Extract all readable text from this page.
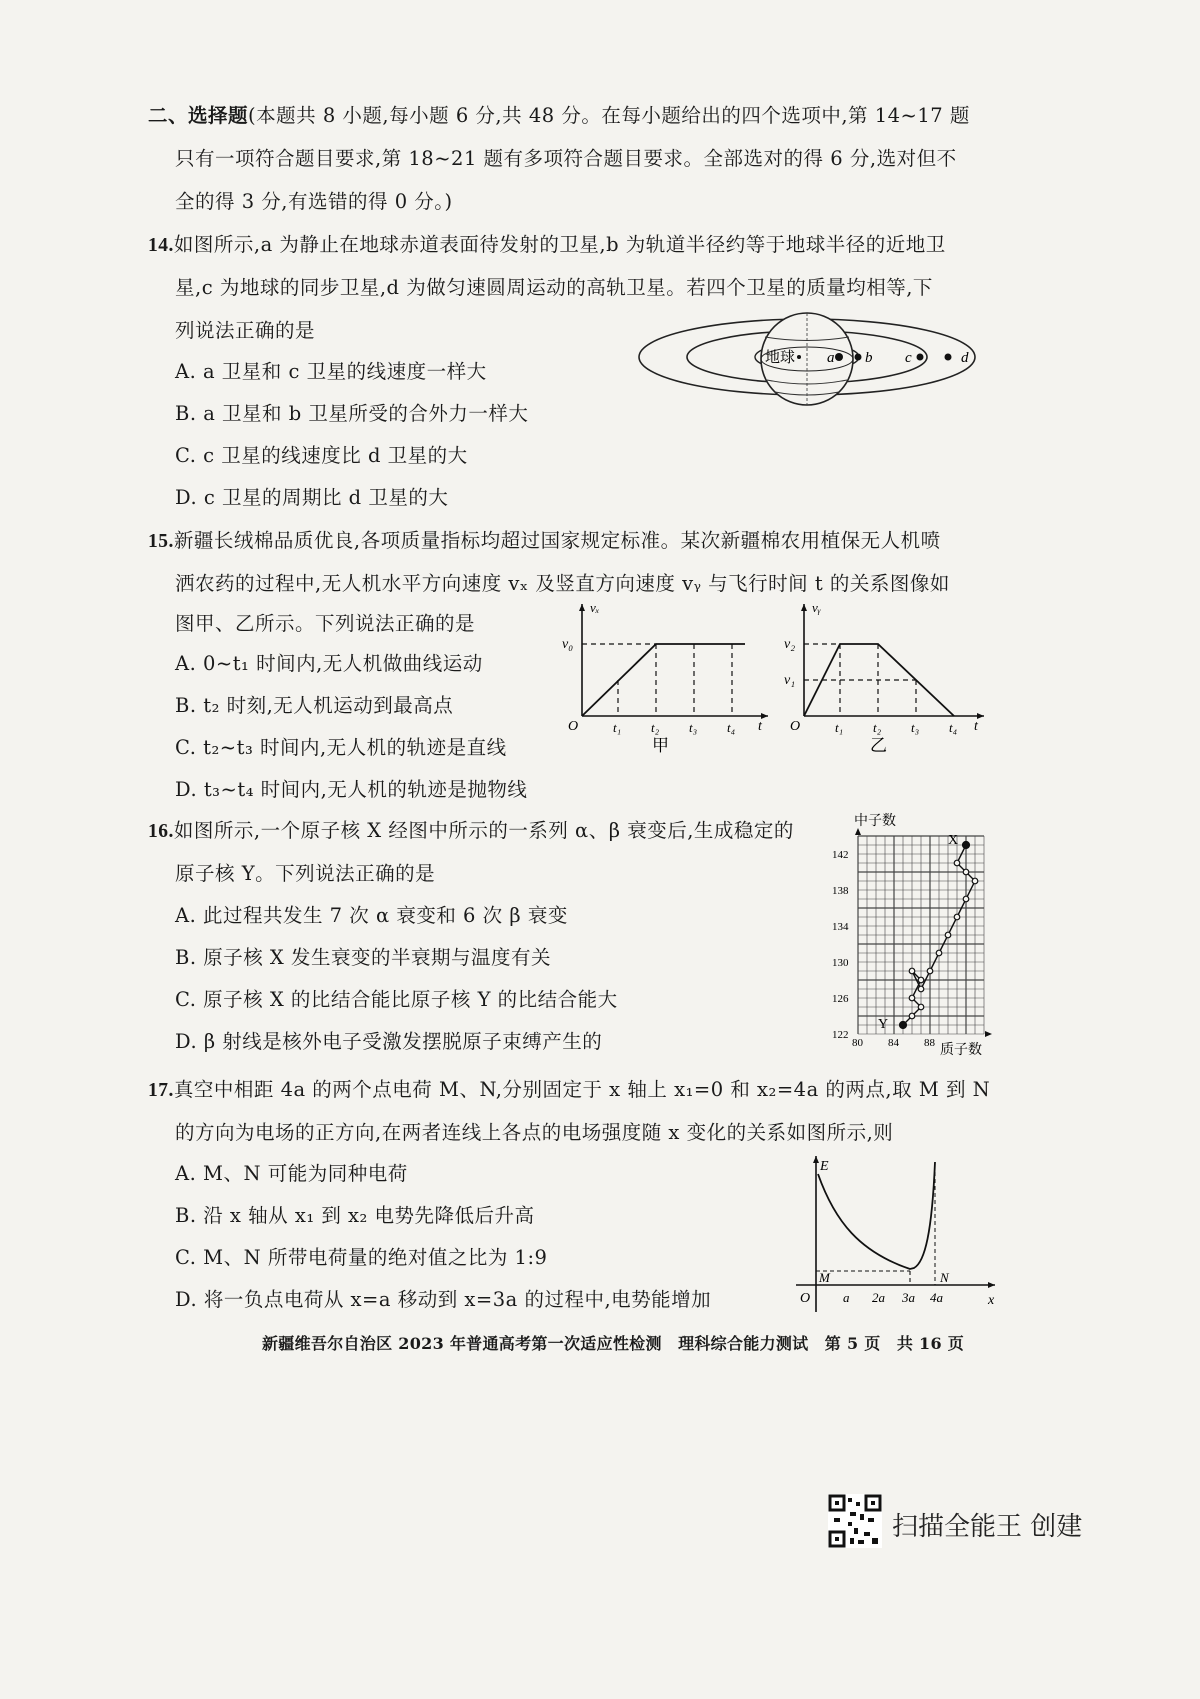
二、选择题(本题共 8 小题,每小题 6 分,共 48 分。在每小题给出的四个选项中,第 14~17 题
只有一项符合题目要求,第 18~21 题有多项符合题目要求。全部选对的得 6 分,选对但不
全的得 3 分,有选错的得 0 分。)
14.如图所示,a 为静止在地球赤道表面待发射的卫星,b 为轨道半径约等于地球半径的近地卫
星,c 为地球的同步卫星,d 为做匀速圆周运动的高轨卫星。若四个卫星的质量均相等,下
列说法正确的是
A. a 卫星和 c 卫星的线速度一样大
B. a 卫星和 b 卫星所受的合外力一样大
C. c 卫星的线速度比 d 卫星的大
D. c 卫星的周期比 d 卫星的大
地球 a b c	d
15.新疆长绒棉品质优良,各项质量指标均超过国家规定标准。某次新疆棉农用植保无人机喷
洒农药的过程中,无人机水平方向速度 vₓ 及竖直方向速度 vᵧ 与飞行时间 t 的关系图像如
图甲、乙所示。下列说法正确的是
A. 0~t₁ 时间内,无人机做曲线运动
B. t₂ 时刻,无人机运动到最高点
C. t₂~t₃ 时间内,无人机的轨迹是直线
D. t₃~t₄ 时间内,无人机的轨迹是抛物线
vₓ
t
O
v₀
t₁ t₂ t₃ t₄
甲
vᵧ
t
O
v₂
v₁
t₁ t₂ t₃ t₄
乙
16.如图所示,一个原子核 X 经图中所示的一系列 α、β 衰变后,生成稳定的
原子核 Y。下列说法正确的是
A. 此过程共发生 7 次 α 衰变和 6 次 β 衰变
B. 原子核 X 发生衰变的半衰期与温度有关
C. 原子核 X 的比结合能比原子核 Y 的比结合能大
D. β 射线是核外电子受激发摆脱原子束缚产生的
中子数
质子数
142
138
134
130
126
122
80 84 88
X
Y
17.真空中相距 4a 的两个点电荷 M、N,分别固定于 x 轴上 x₁=0 和 x₂=4a 的两点,取 M 到 N
的方向为电场的正方向,在两者连线上各点的电场强度随 x 变化的关系如图所示,则
A. M、N 可能为同种电荷
B. 沿 x 轴从 x₁ 到 x₂ 电势先降低后升高
C. M、N 所带电荷量的绝对值之比为 1:9
D. 将一负点电荷从 x=a 移动到 x=3a 的过程中,电势能增加
E
x
O
M	N
a 2a 3a 4a
新疆维吾尔自治区 2023 年普通高考第一次适应性检测　理科综合能力测试　第 5 页　共 16 页
扫描全能王 创建
